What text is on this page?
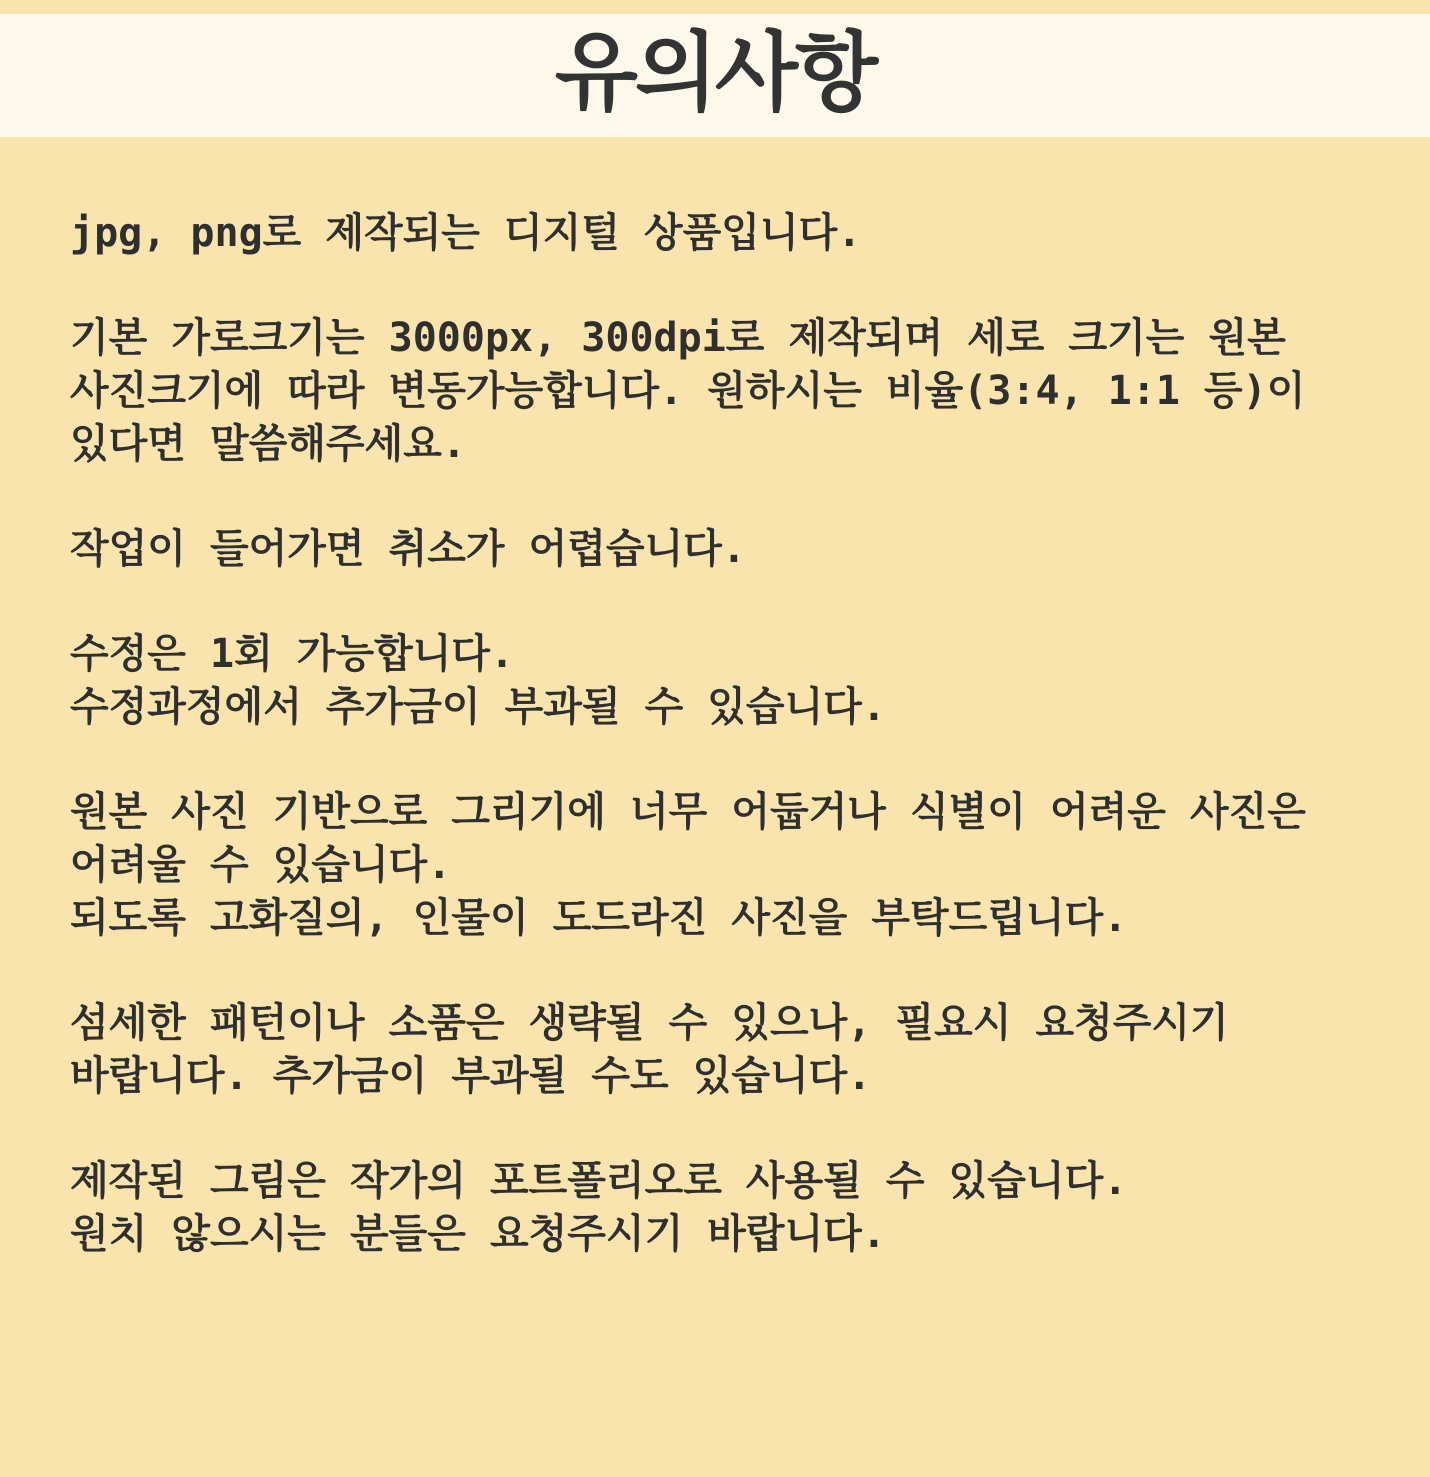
유의사항
jpg, png로 제작되는 디지털 상품입니다.
기본 가로크기는 3000px, 300dpi로 제작되며 세로 크기는 원본
사진크기에 따라 변동가능합니다. 원하시는 비율(3:4, 1:1 등)이
있다면 말씀해주세요.
작업이 들어가면 취소가 어렵습니다.
수정은 1회 가능합니다.
수정과정에서 추가금이 부과될 수 있습니다.
원본 사진 기반으로 그리기에 너무 어둡거나 식별이 어려운 사진은
어려울 수 있습니다.
되도록 고화질의, 인물이 도드라진 사진을 부탁드립니다.
섬세한 패턴이나 소품은 생략될 수 있으나, 필요시 요청주시기
바랍니다. 추가금이 부과될 수도 있습니다.
제작된 그림은 작가의 포트폴리오로 사용될 수 있습니다.
원치 않으시는 분들은 요청주시기 바랍니다.
